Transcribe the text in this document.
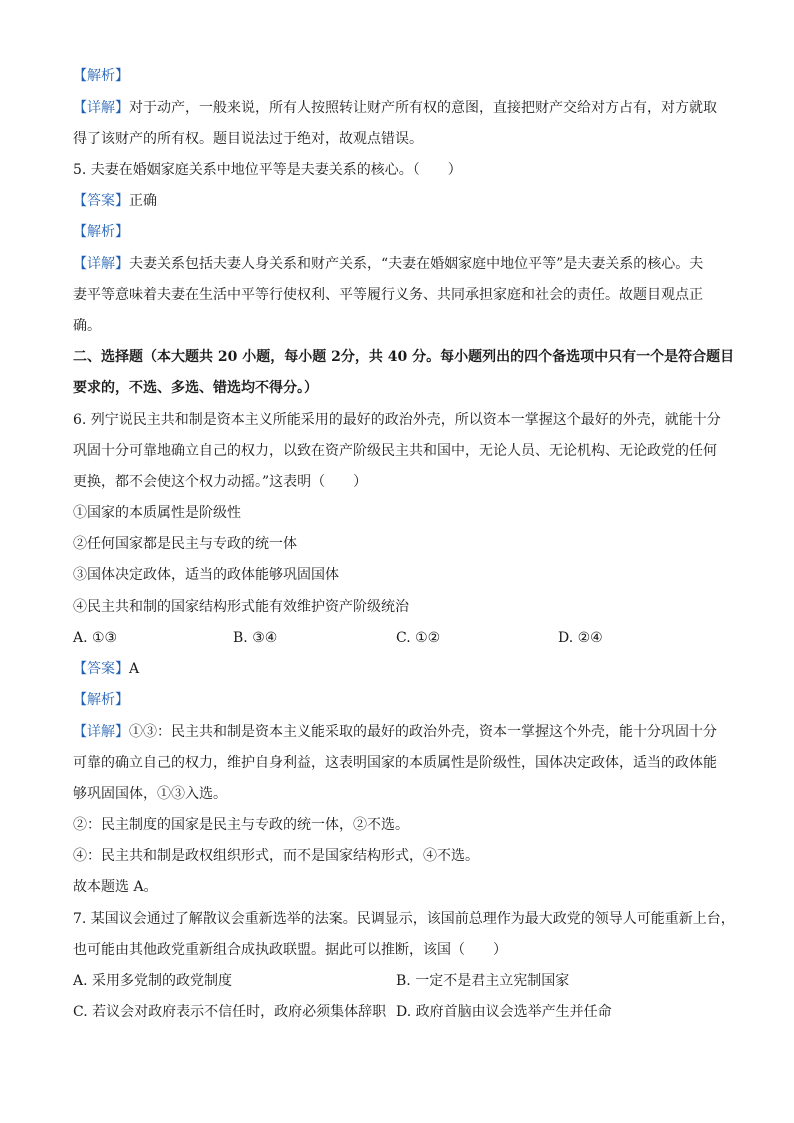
【解析】
【详解】对于动产，一般来说，所有人按照转让财产所有权的意图，直接把财产交给对方占有，对方就取
得了该财产的所有权。题目说法过于绝对，故观点错误。
5. 夫妻在婚姻家庭关系中地位平等是夫妻关系的核心。（　　）
【答案】正确
【解析】
【详解】夫妻关系包括夫妻人身关系和财产关系，“夫妻在婚姻家庭中地位平等”是夫妻关系的核心。夫
妻平等意味着夫妻在生活中平等行使权利、平等履行义务、共同承担家庭和社会的责任。故题目观点正
确。
二、选择题（本大题共 20 小题，每小题 2分，共 40 分。每小题列出的四个备选项中只有一个是符合题目
要求的，不选、多选、错选均不得分。）
6. 列宁说民主共和制是资本主义所能采用的最好的政治外壳，所以资本一掌握这个最好的外壳，就能十分
巩固十分可靠地确立自己的权力，以致在资产阶级民主共和国中，无论人员、无论机构、无论政党的任何
更换，都不会使这个权力动摇。”这表明（　　）
①国家的本质属性是阶级性
②任何国家都是民主与专政的统一体
③国体决定政体，适当的政体能够巩固国体
④民主共和制的国家结构形式能有效维护资产阶级统治
A. ①③	B. ③④	C. ①②	D. ②④
【答案】A
【解析】
【详解】①③：民主共和制是资本主义能采取的最好的政治外壳，资本一掌握这个外壳，能十分巩固十分
可靠的确立自己的权力，维护自身利益，这表明国家的本质属性是阶级性，国体决定政体，适当的政体能
够巩固国体，①③入选。
②：民主制度的国家是民主与专政的统一体，②不选。
④：民主共和制是政权组织形式，而不是国家结构形式，④不选。
故本题选 A。
7. 某国议会通过了解散议会重新选举的法案。民调显示，该国前总理作为最大政党的领导人可能重新上台，
也可能由其他政党重新组合成执政联盟。据此可以推断，该国（　　）
A. 采用多党制的政党制度	B. 一定不是君主立宪制国家
C. 若议会对政府表示不信任时，政府必须集体辞职 D. 政府首脑由议会选举产生并任命
